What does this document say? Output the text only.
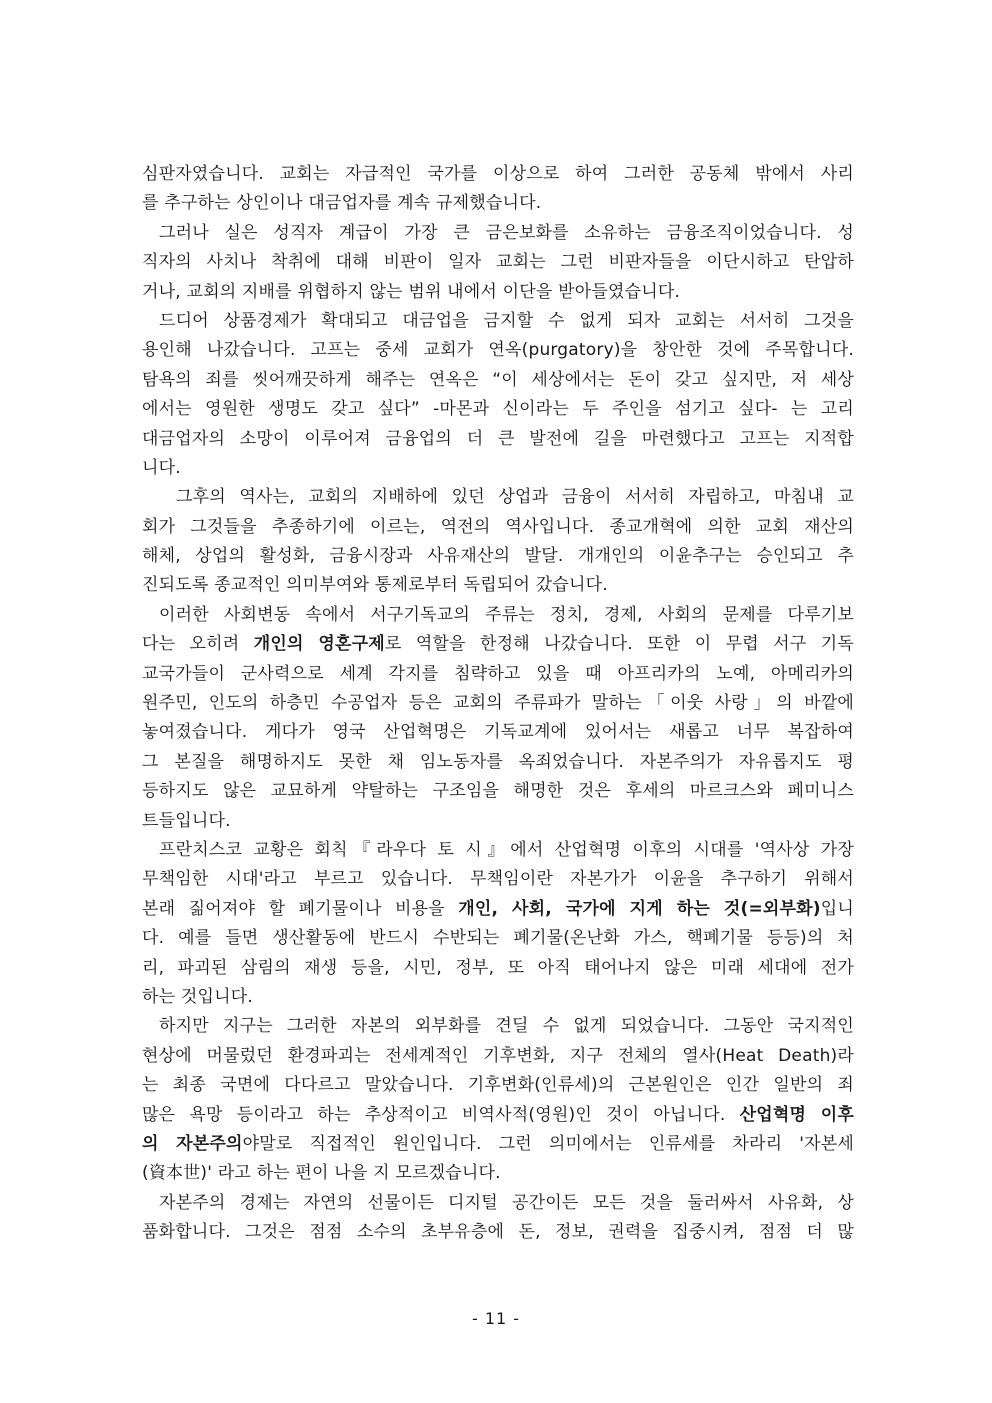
심판자였습니다. 교회는 자급적인 국가를 이상으로 하여 그러한 공동체 밖에서 사리
를 추구하는 상인이나 대금업자를 계속 규제했습니다.
그러나 실은 성직자 계급이 가장 큰 금은보화를 소유하는 금융조직이었습니다. 성
직자의 사치나 착취에 대해 비판이 일자 교회는 그런 비판자들을 이단시하고 탄압하
거나, 교회의 지배를 위협하지 않는 범위 내에서 이단을 받아들였습니다.
드디어 상품경제가 확대되고 대금업을 금지할 수 없게 되자 교회는 서서히 그것을
용인해 나갔습니다. 고프는 중세 교회가 연옥(purgatory)을 창안한 것에 주목합니다.
탐욕의 죄를 씻어깨끗하게 해주는 연옥은 “이 세상에서는 돈이 갖고 싶지만, 저 세상
에서는 영원한 생명도 갖고 싶다” -마몬과 신이라는 두 주인을 섬기고 싶다- 는 고리
대금업자의 소망이 이루어져 금융업의 더 큰 발전에 길을 마련했다고 고프는 지적합
니다.
그후의 역사는, 교회의 지배하에 있던 상업과 금융이 서서히 자립하고, 마침내 교
회가 그것들을 추종하기에 이르는, 역전의 역사입니다. 종교개혁에 의한 교회 재산의
해체, 상업의 활성화, 금융시장과 사유재산의 발달. 개개인의 이윤추구는 승인되고 추
진되도록 종교적인 의미부여와 통제로부터 독립되어 갔습니다.
이러한 사회변동 속에서 서구기독교의 주류는 정치, 경제, 사회의 문제를 다루기보
다는 오히려 개인의 영혼구제로 역할을 한정해 나갔습니다. 또한 이 무렵 서구 기독
교국가들이 군사력으로 세계 각지를 침략하고 있을 때 아프리카의 노예, 아메리카의
원주민, 인도의 하층민 수공업자 등은 교회의 주류파가 말하는「이웃 사랑」의 바깥에
놓여졌습니다. 게다가 영국 산업혁명은 기독교계에 있어서는 새롭고 너무 복잡하여
그 본질을 해명하지도 못한 채 임노동자를 옥죄었습니다. 자본주의가 자유롭지도 평
등하지도 않은 교묘하게 약탈하는 구조임을 해명한 것은 후세의 마르크스와 페미니스
트들입니다.
프란치스코 교황은 회칙『라우다 토 시』에서 산업혁명 이후의 시대를 '역사상 가장
무책임한 시대'라고 부르고 있습니다. 무책임이란 자본가가 이윤을 추구하기 위해서
본래 짊어져야 할 폐기물이나 비용을 개인, 사회, 국가에 지게 하는 것(=외부화)입니
다. 예를 들면 생산활동에 반드시 수반되는 폐기물(온난화 가스, 핵폐기물 등등)의 처
리, 파괴된 삼림의 재생 등을, 시민, 정부, 또 아직 태어나지 않은 미래 세대에 전가
하는 것입니다.
하지만 지구는 그러한 자본의 외부화를 견딜 수 없게 되었습니다. 그동안 국지적인
현상에 머물렀던 환경파괴는 전세계적인 기후변화, 지구 전체의 열사(Heat Death)라
는 최종 국면에 다다르고 말았습니다. 기후변화(인류세)의 근본원인은 인간 일반의 죄
많은 욕망 등이라고 하는 추상적이고 비역사적(영원)인 것이 아닙니다. 산업혁명 이후
의 자본주의야말로 직접적인 원인입니다. 그런 의미에서는 인류세를 차라리 '자본세
(資本世)' 라고 하는 편이 나을 지 모르겠습니다.
자본주의 경제는 자연의 선물이든 디지털 공간이든 모든 것을 둘러싸서 사유화, 상
품화합니다. 그것은 점점 소수의 초부유층에 돈, 정보, 권력을 집중시켜, 점점 더 많
- 11 -
